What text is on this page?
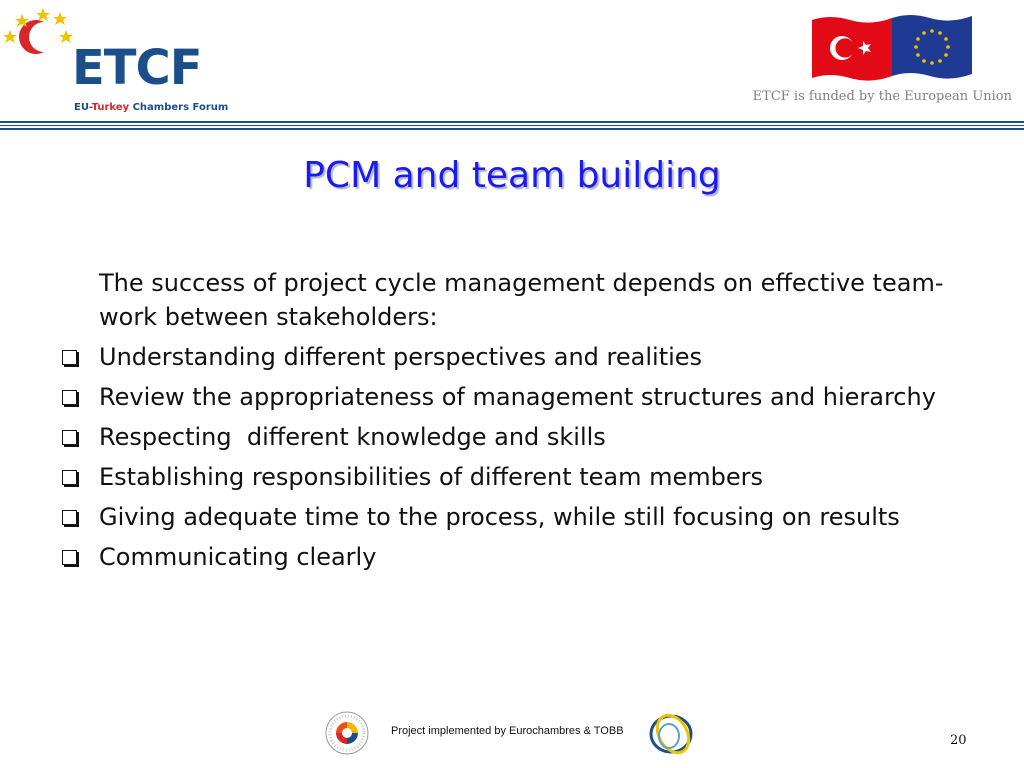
ETCF
EU-Turkey Chambers Forum
ETCF is funded by the European Union
PCM and team building
The success of project cycle management depends on effective team-work between stakeholders:
Understanding different perspectives and realities
Review the appropriateness of management structures and hierarchy
Respecting  different knowledge and skills
Establishing responsibilities of different team members
Giving adequate time to the process, while still focusing on results
Communicating clearly
Project implemented by Eurochambres & TOBB
20
